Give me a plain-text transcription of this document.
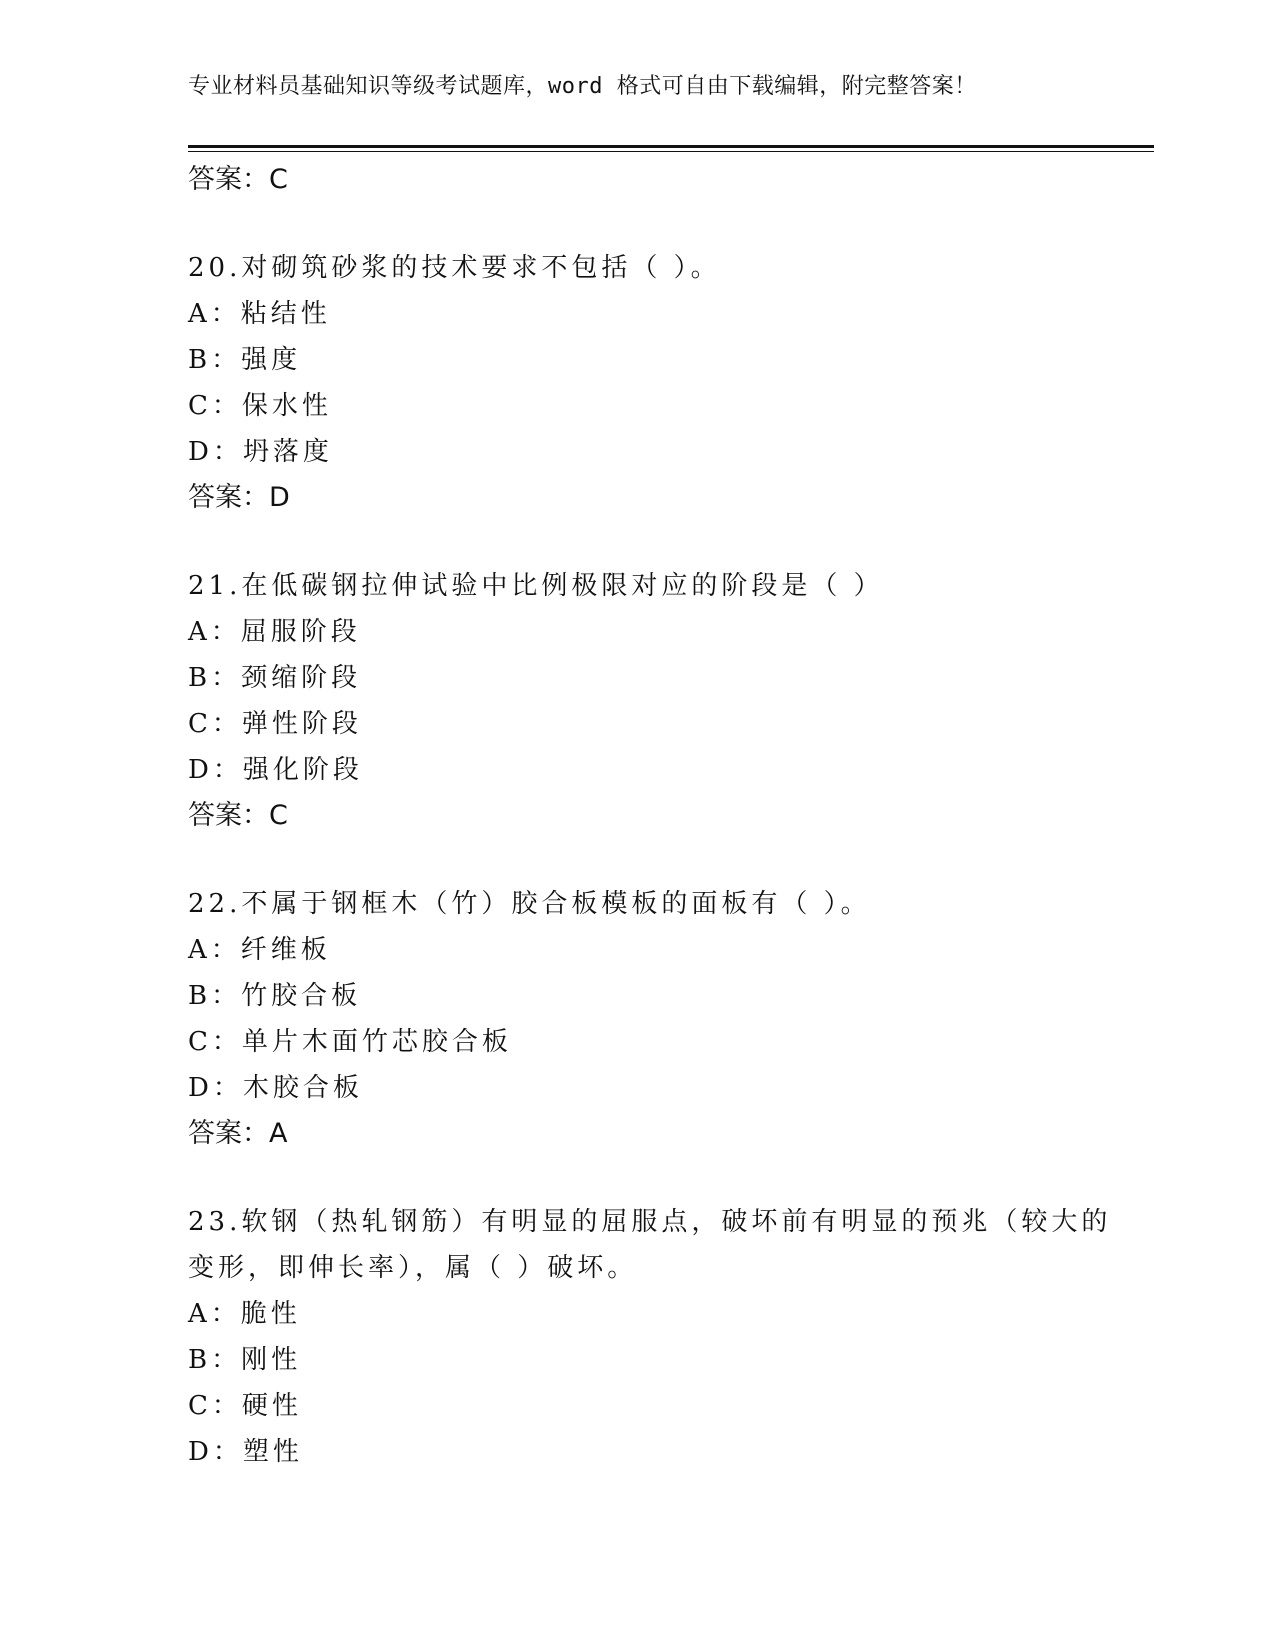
专业材料员基础知识等级考试题库，word 格式可自由下载编辑，附完整答案！
答案：C
20.对砌筑砂浆的技术要求不包括（ ）。
A：粘结性
B：强度
C：保水性
D：坍落度
答案：D
21.在低碳钢拉伸试验中比例极限对应的阶段是（ ）
A：屈服阶段
B：颈缩阶段
C：弹性阶段
D：强化阶段
答案：C
22.不属于钢框木（竹）胶合板模板的面板有（ ）。
A：纤维板
B：竹胶合板
C：单片木面竹芯胶合板
D：木胶合板
答案：A
23.软钢（热轧钢筋）有明显的屈服点，破坏前有明显的预兆（较大的
变形，即伸长率），属（ ）破坏。
A：脆性
B：刚性
C：硬性
D：塑性
